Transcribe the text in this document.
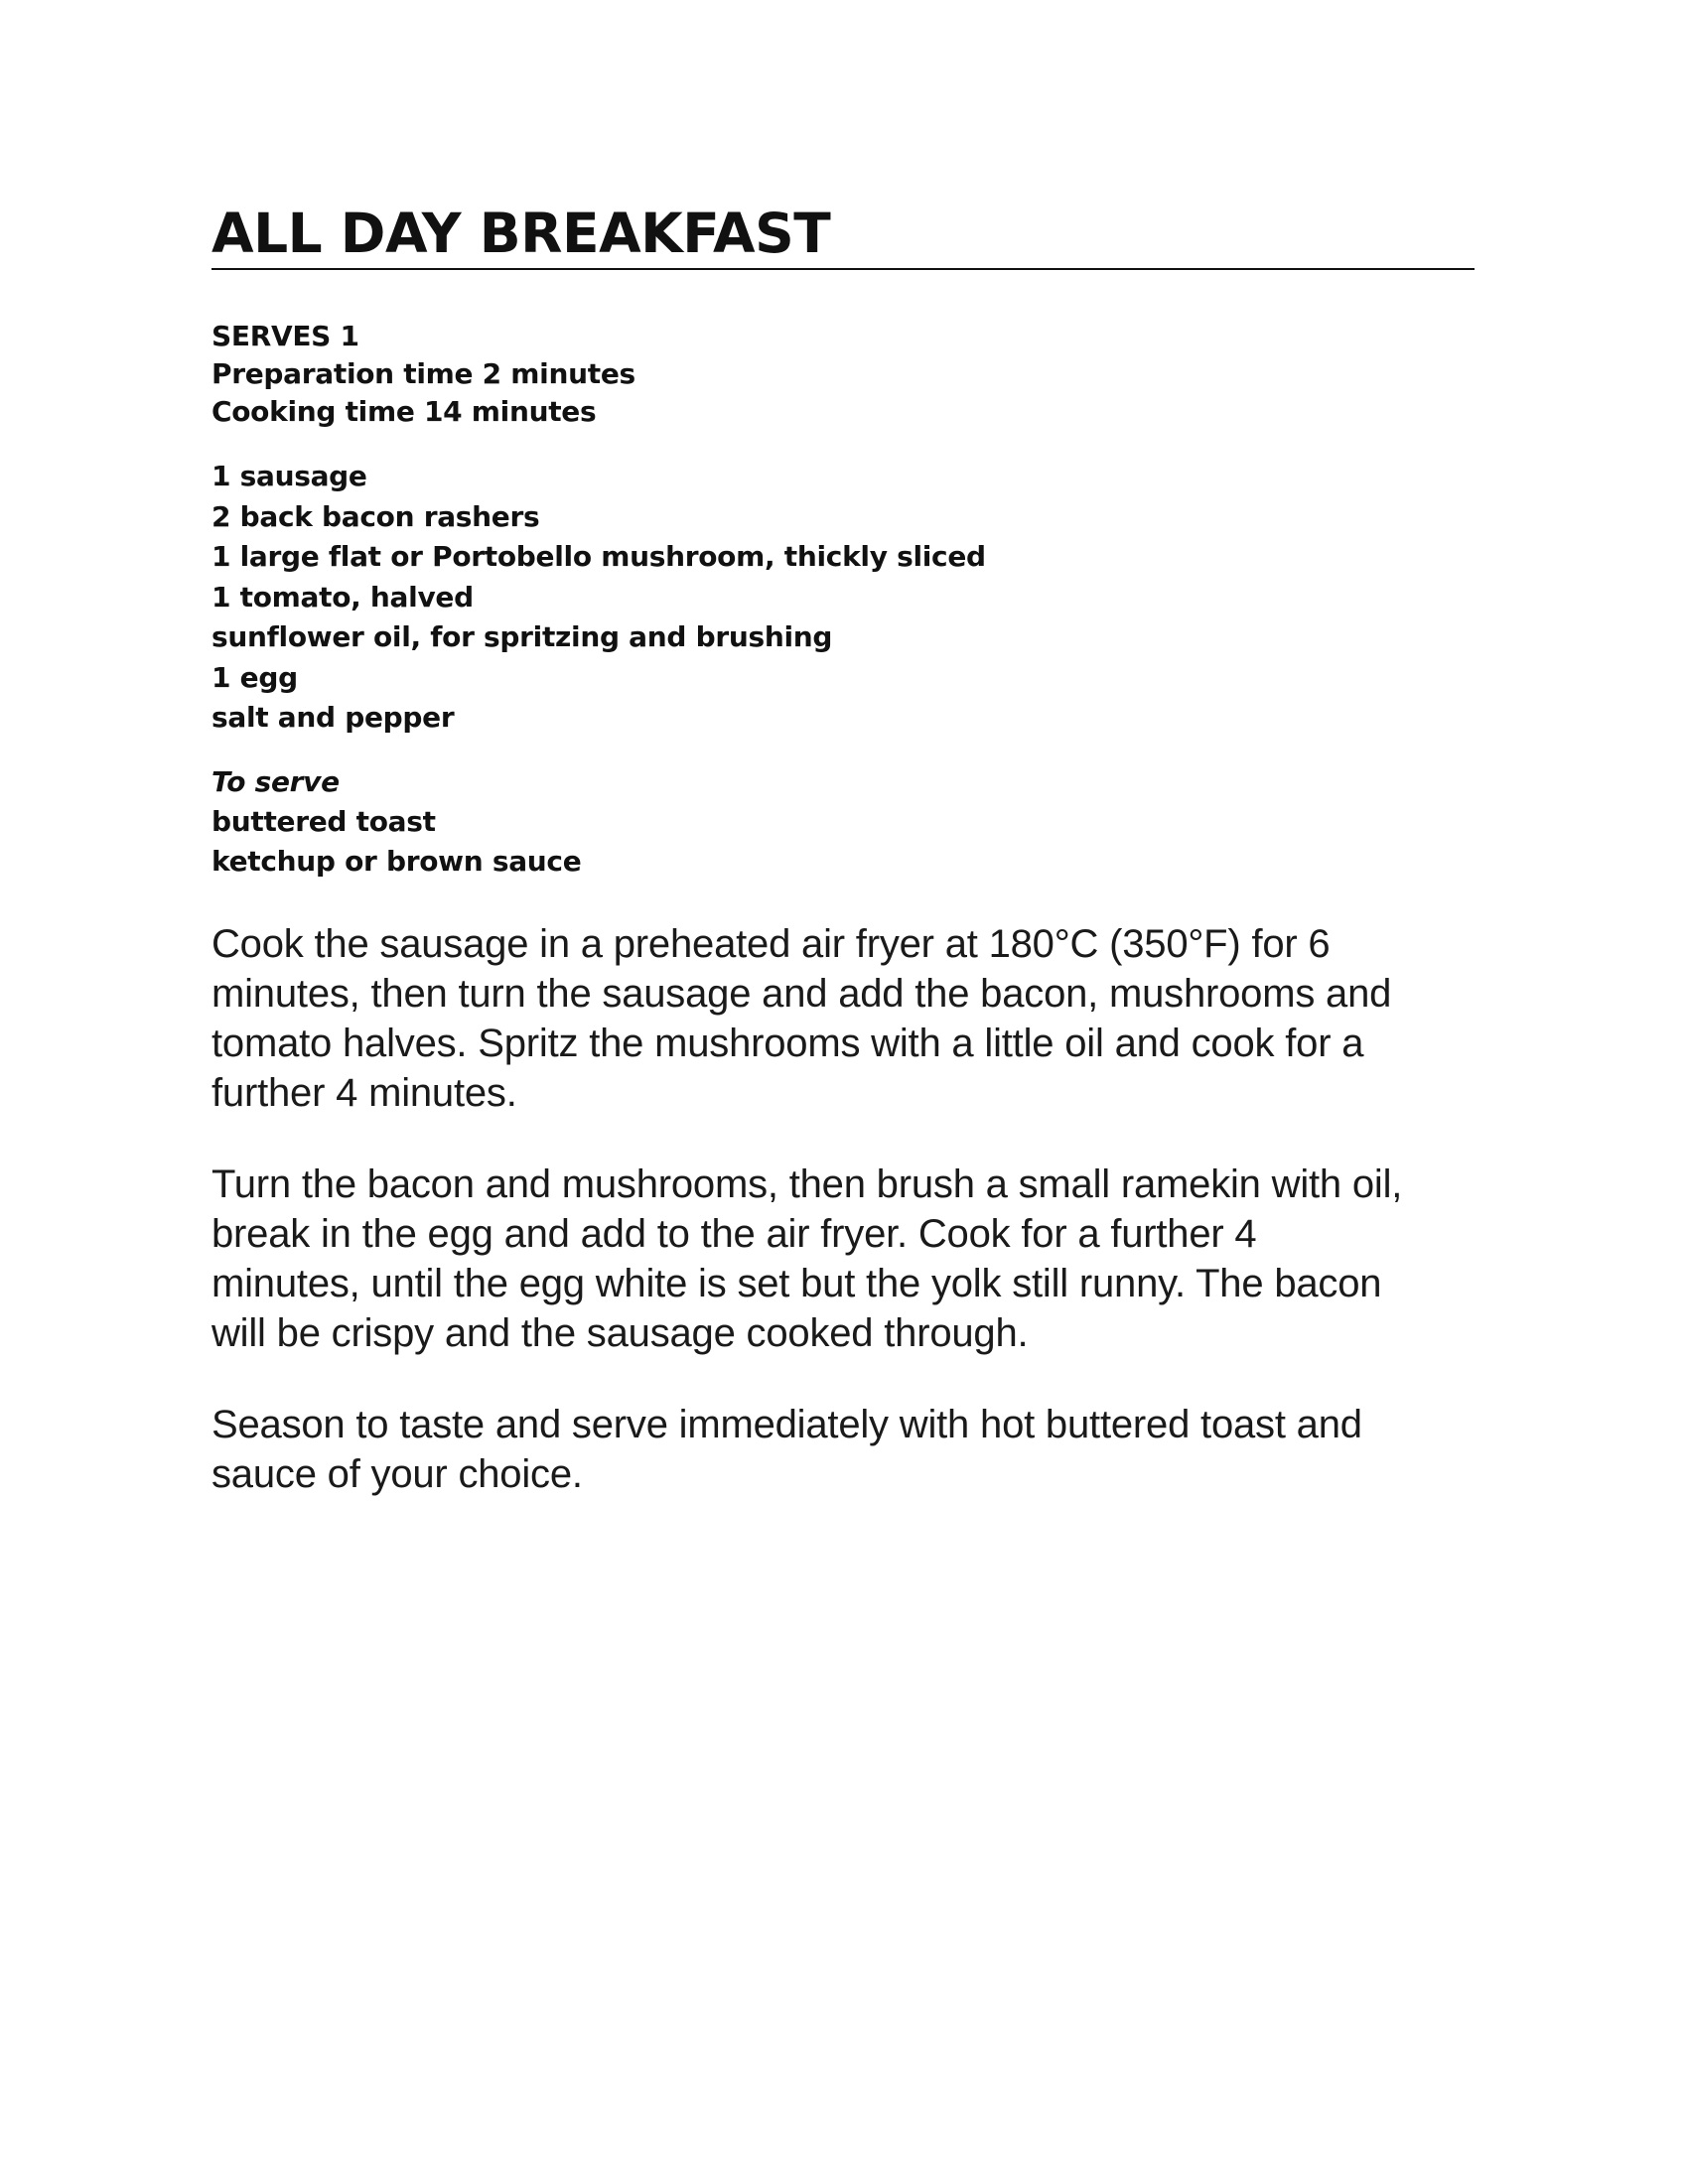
ALL DAY BREAKFAST
SERVES 1
Preparation time 2 minutes
Cooking time 14 minutes
1 sausage
2 back bacon rashers
1 large flat or Portobello mushroom, thickly sliced
1 tomato, halved
sunflower oil, for spritzing and brushing
1 egg
salt and pepper
To serve
buttered toast
ketchup or brown sauce

Cook the sausage in a preheated air fryer at 180°C (350°F) for 6
minutes, then turn the sausage and add the bacon, mushrooms and
tomato halves. Spritz the mushrooms with a little oil and cook for a
further 4 minutes.

Turn the bacon and mushrooms, then brush a small ramekin with oil,
break in the egg and add to the air fryer. Cook for a further 4
minutes, until the egg white is set but the yolk still runny. The bacon
will be crispy and the sausage cooked through.

Season to taste and serve immediately with hot buttered toast and
sauce of your choice.
